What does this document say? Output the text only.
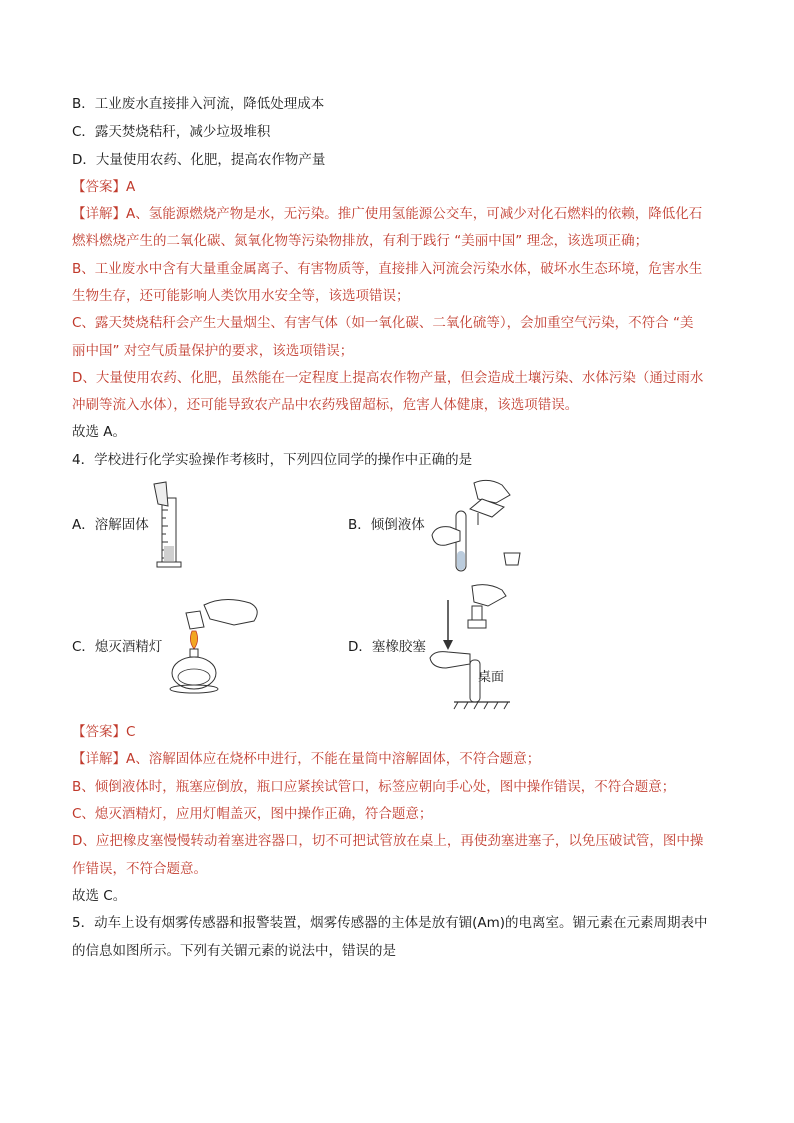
B．工业废水直接排入河流，降低处理成本
C．露天焚烧秸秆，减少垃圾堆积
D．大量使用农药、化肥，提高农作物产量
【答案】A
【详解】A、氢能源燃烧产物是水，无污染。推广使用氢能源公交车，可减少对化石燃料的依赖，降低化石
燃料燃烧产生的二氧化碳、氮氧化物等污染物排放，有利于践行 “美丽中国” 理念，该选项正确；
B、工业废水中含有大量重金属离子、有害物质等，直接排入河流会污染水体，破坏水生态环境，危害水生
生物生存，还可能影响人类饮用水安全等，该选项错误；
C、露天焚烧秸秆会产生大量烟尘、有害气体（如一氧化碳、二氧化硫等），会加重空气污染，不符合 “美
丽中国” 对空气质量保护的要求，该选项错误；
D、大量使用农药、化肥，虽然能在一定程度上提高农作物产量，但会造成土壤污染、水体污染（通过雨水
冲刷等流入水体），还可能导致农产品中农药残留超标，危害人体健康，该选项错误。
故选 A。
4．学校进行化学实验操作考核时，下列四位同学的操作中正确的是
A．溶解固体	B．倾倒液体
C．熄灭酒精灯	D．塞橡胶塞
桌面
【答案】C
【详解】A、溶解固体应在烧杯中进行，不能在量筒中溶解固体，不符合题意；
B、倾倒液体时，瓶塞应倒放，瓶口应紧挨试管口，标签应朝向手心处，图中操作错误，不符合题意；
C、熄灭酒精灯，应用灯帽盖灭，图中操作正确，符合题意；
D、应把橡皮塞慢慢转动着塞进容器口，切不可把试管放在桌上，再使劲塞进塞子，以免压破试管，图中操
作错误，不符合题意。
故选 C。
5．动车上设有烟雾传感器和报警装置，烟雾传感器的主体是放有镅(Am)的电离室。镅元素在元素周期表中
的信息如图所示。下列有关镅元素的说法中，错误的是
